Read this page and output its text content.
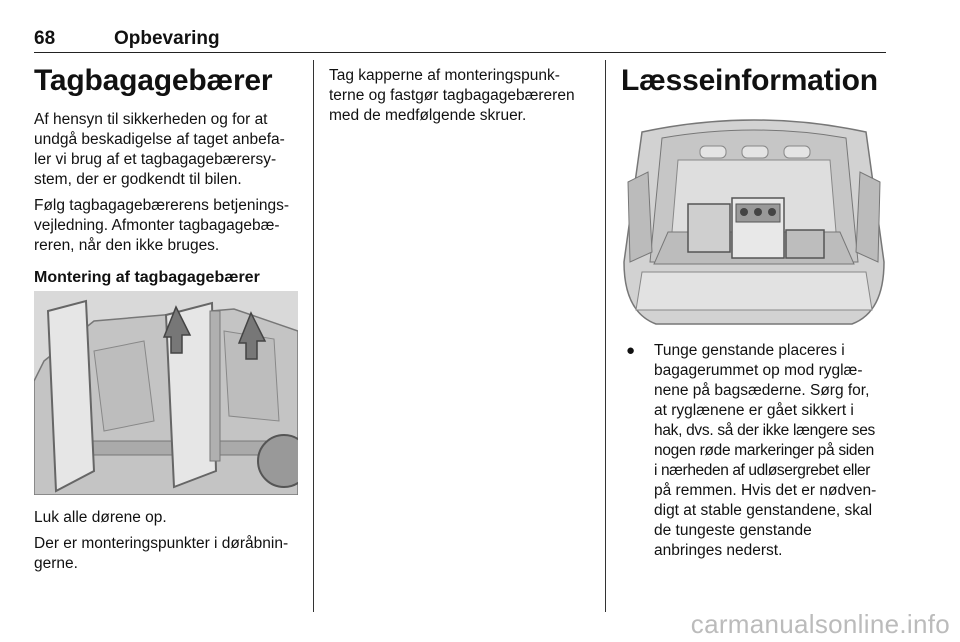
68	Opbevaring
Tagbagagebærer
Af hensyn til sikkerheden og for at
undgå beskadigelse af taget anbefa-
ler vi brug af et tagbagagebærersy-
stem, der er godkendt til bilen.
Følg tagbagagebærerens betjenings-
vejledning. Afmonter tagbagagebæ-
reren, når den ikke bruges.
Montering af tagbagagebærer
Luk alle dørene op.
Der er monteringspunkter i døråbnin-
gerne.
Tag kapperne af monteringspunk-
terne og fastgør tagbagagebæreren
med de medfølgende skruer.
Læsseinformation
● Tunge genstande placeres i
bagagerummet op mod ryglæ-
nene på bagsæderne. Sørg for,
at ryglænene er gået sikkert i
hak, dvs. så der ikke længere ses
nogen røde markeringer på siden
i nærheden af udløsergrebet eller
på remmen. Hvis det er nødven-
digt at stable genstandene, skal
de tungeste genstande
anbringes nederst.
carmanualsonline.info
